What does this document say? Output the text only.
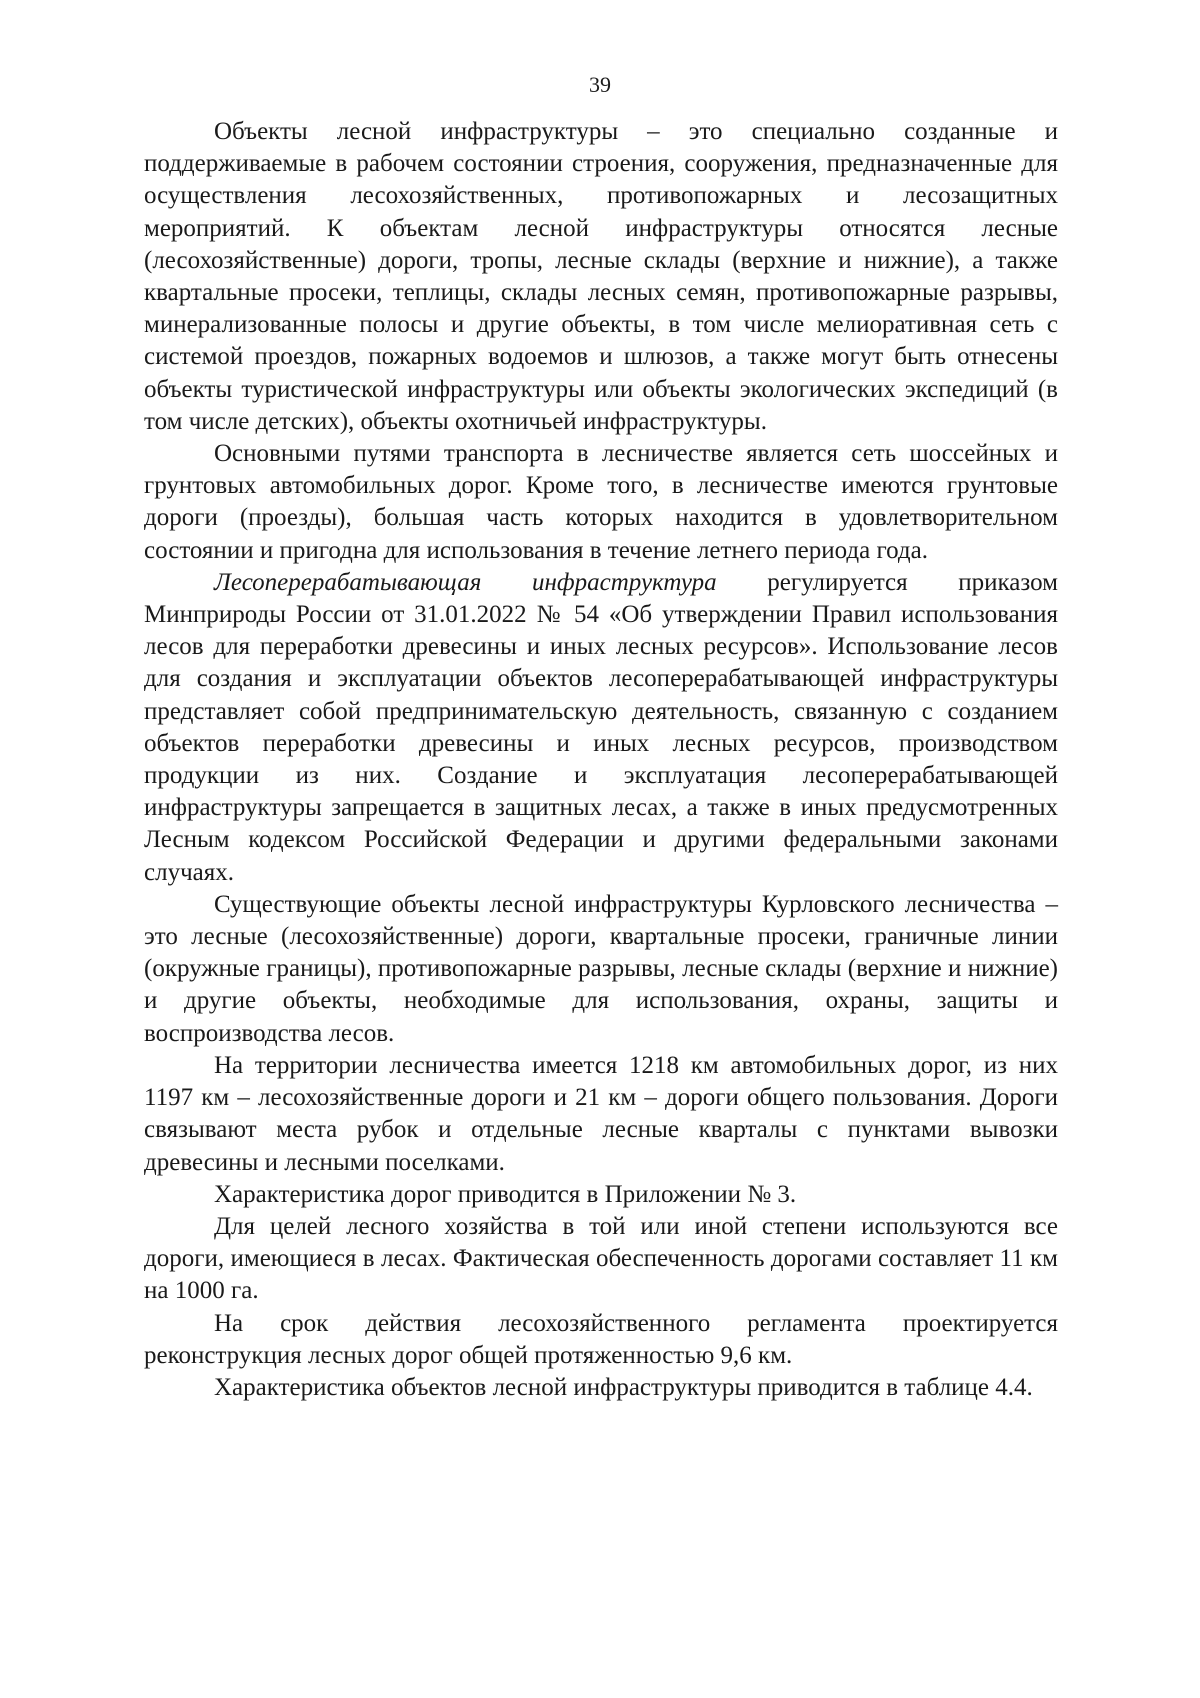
39

Объекты лесной инфраструктуры – это специально созданные и поддерживаемые в рабочем состоянии строения, сооружения, предназначенные для осуществления лесохозяйственных, противопожарных и лесозащитных мероприятий. К объектам лесной инфраструктуры относятся лесные (лесохозяйственные) дороги, тропы, лесные склады (верхние и нижние), а также квартальные просеки, теплицы, склады лесных семян, противопожарные разрывы, минерализованные полосы и другие объекты, в том числе мелиоративная сеть с системой проездов, пожарных водоемов и шлюзов, а также могут быть отнесены объекты туристической инфраструктуры или объекты экологических экспедиций (в том числе детских), объекты охотничьей инфраструктуры.

Основными путями транспорта в лесничестве является сеть шоссейных и грунтовых автомобильных дорог. Кроме того, в лесничестве имеются грунтовые дороги (проезды), большая часть которых находится в удовлетворительном состоянии и пригодна для использования в течение летнего периода года.

Лесоперерабатывающая инфраструктура регулируется приказом Минприроды России от 31.01.2022 № 54 «Об утверждении Правил использования лесов для переработки древесины и иных лесных ресурсов». Использование лесов для создания и эксплуатации объектов лесоперерабатывающей инфраструктуры представляет собой предпринимательскую деятельность, связанную с созданием объектов переработки древесины и иных лесных ресурсов, производством продукции из них. Создание и эксплуатация лесоперерабатывающей инфраструктуры запрещается в защитных лесах, а также в иных предусмотренных Лесным кодексом Российской Федерации и другими федеральными законами случаях.

Существующие объекты лесной инфраструктуры Курловского лесничества – это лесные (лесохозяйственные) дороги, квартальные просеки, граничные линии (окружные границы), противопожарные разрывы, лесные склады (верхние и нижние) и другие объекты, необходимые для использования, охраны, защиты и воспроизводства лесов.

На территории лесничества имеется 1218 км автомобильных дорог, из них 1197 км – лесохозяйственные дороги и 21 км – дороги общего пользования. Дороги связывают места рубок и отдельные лесные кварталы с пунктами вывозки древесины и лесными поселками.

Характеристика дорог приводится в Приложении № 3.

Для целей лесного хозяйства в той или иной степени используются все дороги, имеющиеся в лесах. Фактическая обеспеченность дорогами составляет 11 км на 1000 га.

На срок действия лесохозяйственного регламента проектируется реконструкция лесных дорог общей протяженностью 9,6 км.

Характеристика объектов лесной инфраструктуры приводится в таблице 4.4.
